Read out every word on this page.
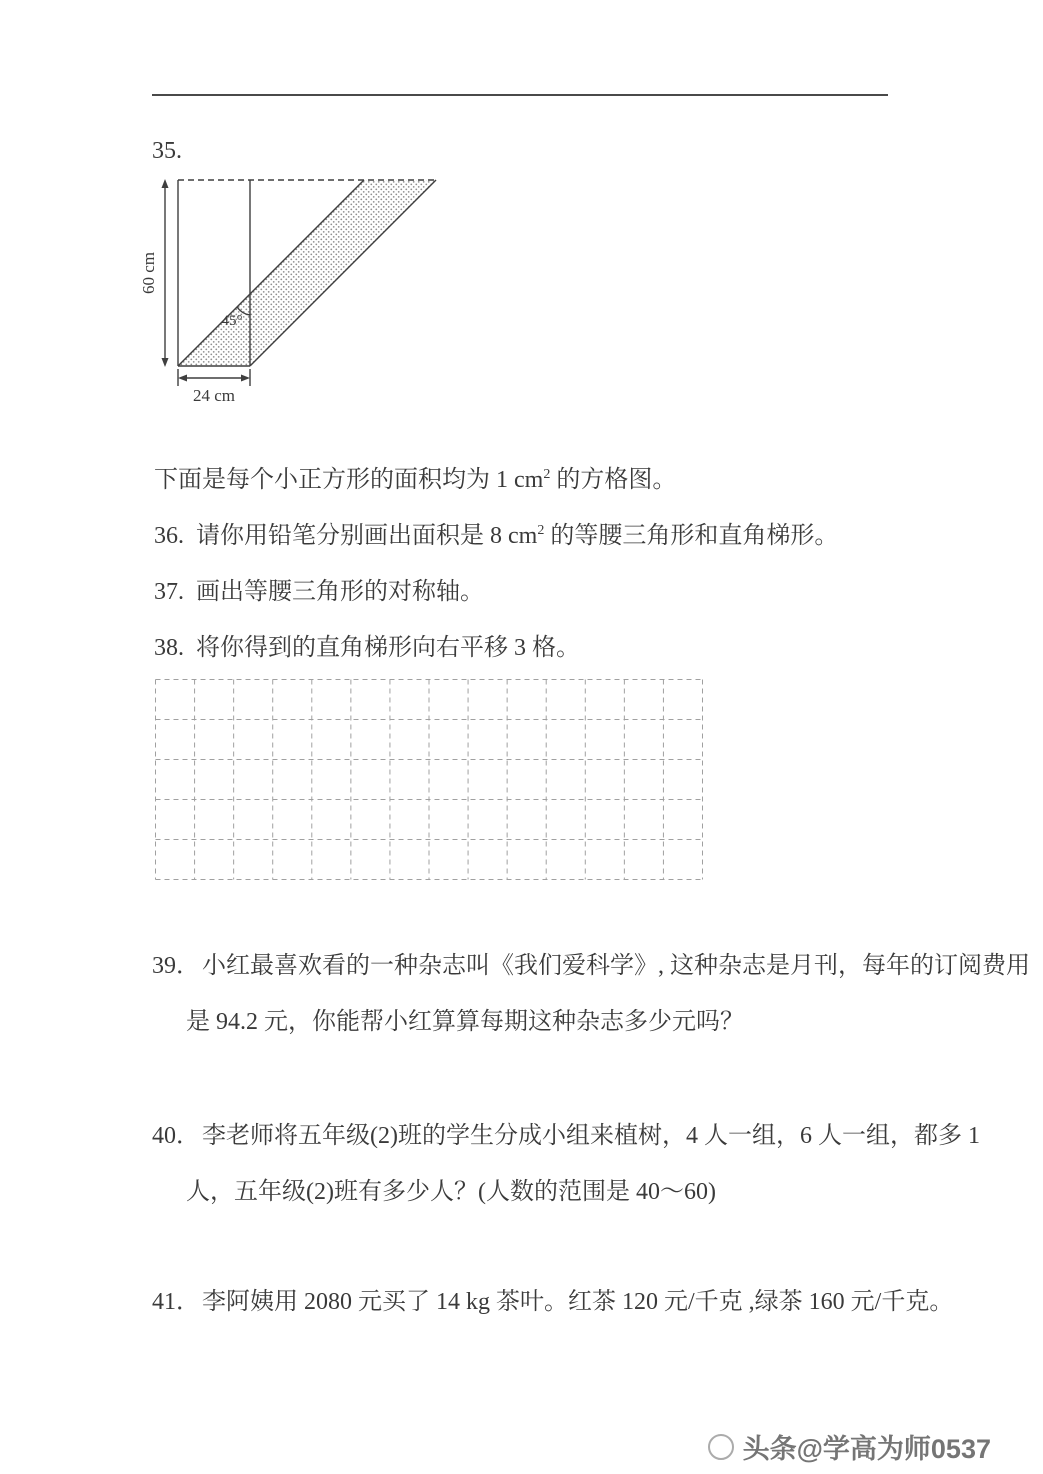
35.
45°
60 cm
24 cm
下面是每个小正方形的面积均为 1 $cm^2$ 的方格图。
36. 请你用铅笔分别画出面积是 8 $cm^2$ 的等腰三角形和直角梯形。
37. 画出等腰三角形的对称轴。
38. 将你得到的直角梯形向右平移 3 格。
39．小红最喜欢看的一种杂志叫《我们爱科学》, 这种杂志是月刊，每年的订阅费用
是 94.2 元，你能帮小红算算每期这种杂志多少元吗？
40．李老师将五年级(2)班的学生分成小组来植树，4 人一组，6 人一组，都多 1
人，五年级(2)班有多少人？(人数的范围是 40～60)
41．李阿姨用 2080 元买了 14 kg 茶叶。红茶 120 元/千克 ,绿茶 160 元/千克。
头条@学高为师0537
